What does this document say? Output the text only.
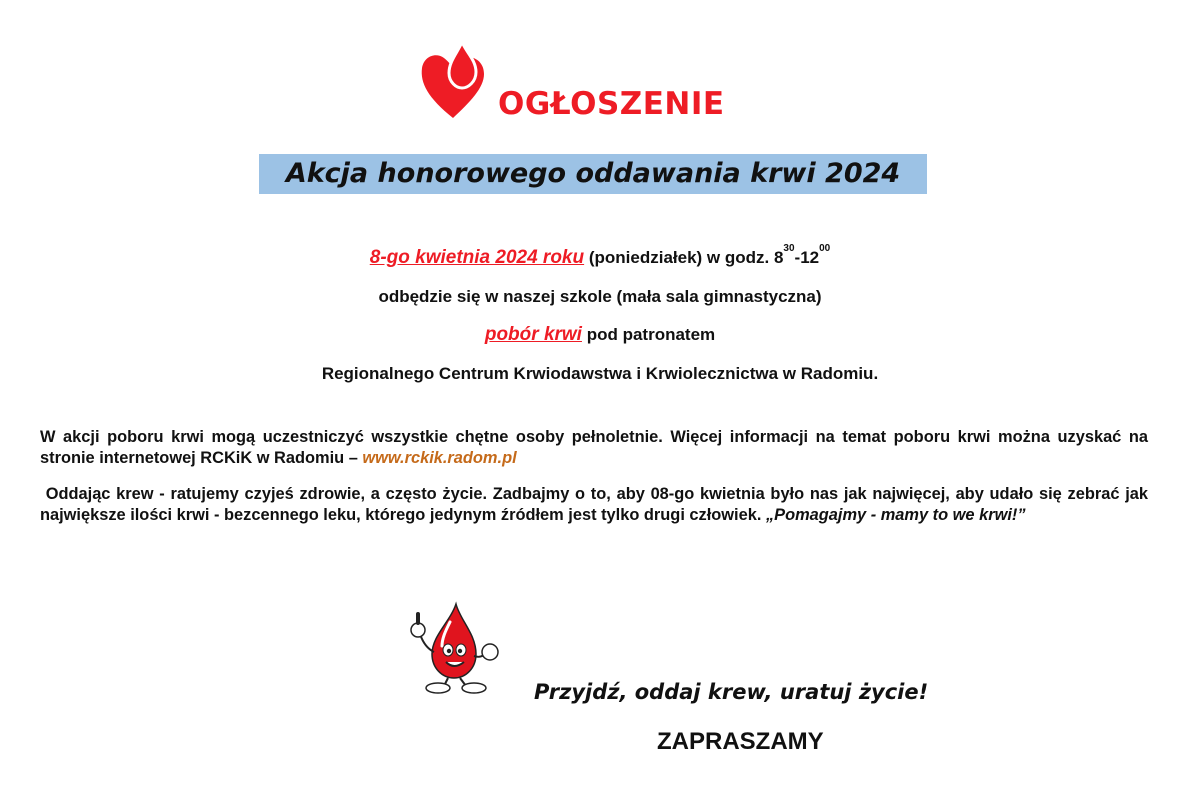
OGŁOSZENIE
Akcja honorowego oddawania krwi 2024
8-go kwietnia 2024 roku (poniedziałek) w godz. $8^{30}-12^{00}$
odbędzie się w naszej szkole (mała sala gimnastyczna)
pobór krwi pod patronatem
Regionalnego Centrum Krwiodawstwa i Krwiolecznictwa w Radomiu.
W akcji poboru krwi mogą uczestniczyć wszystkie chętne osoby pełnoletnie. Więcej informacji na temat poboru krwi można uzyskać na stronie internetowej RCKiK w Radomiu – www.rckik.radom.pl
Oddając krew - ratujemy czyjeś zdrowie, a często życie. Zadbajmy o to, aby 08-go kwietnia było nas jak najwięcej, aby udało się zebrać jak największe ilości krwi - bezcennego leku, którego jedynym źródłem jest tylko drugi człowiek. „Pomagajmy - mamy to we krwi!”
Przyjdź, oddaj krew, uratuj życie!
ZAPRASZAMY
